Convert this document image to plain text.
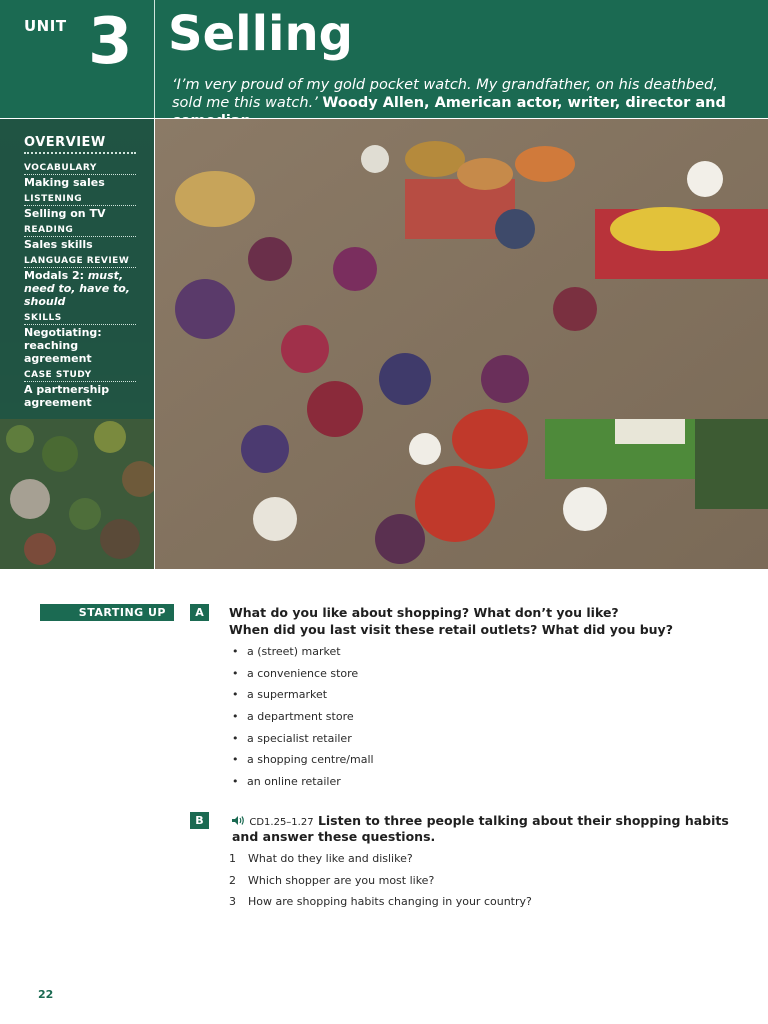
UNIT 3 Selling
‘I’m very proud of my gold pocket watch. My grandfather, on his deathbed,
sold me this watch.’ Woody Allen, American actor, writer, director and
OVERVIEW
VOCABULARY
Making sales
LISTENING
Selling on TV
READING
Sales skills
LANGUAGE REVIEW
Modals 2: must, need to, have to, should
SKILLS
Negotiating: reaching agreement
CASE STUDY
A partnership agreement
STARTING UP	A	What do you like about shopping? What don’t you like?
When did you last visit these retail outlets? What did you buy?
• a (street) market
• a convenience store
• a supermarket
• a department store
• a specialist retailer
• a shopping centre/mall
• an online retailer
B	CD1.25–1.27 Listen to three people talking about their shopping habits
and answer these questions.
1 What do they like and dislike?
2 Which shopper are you most like?
3 How are shopping habits changing in your country?
22
